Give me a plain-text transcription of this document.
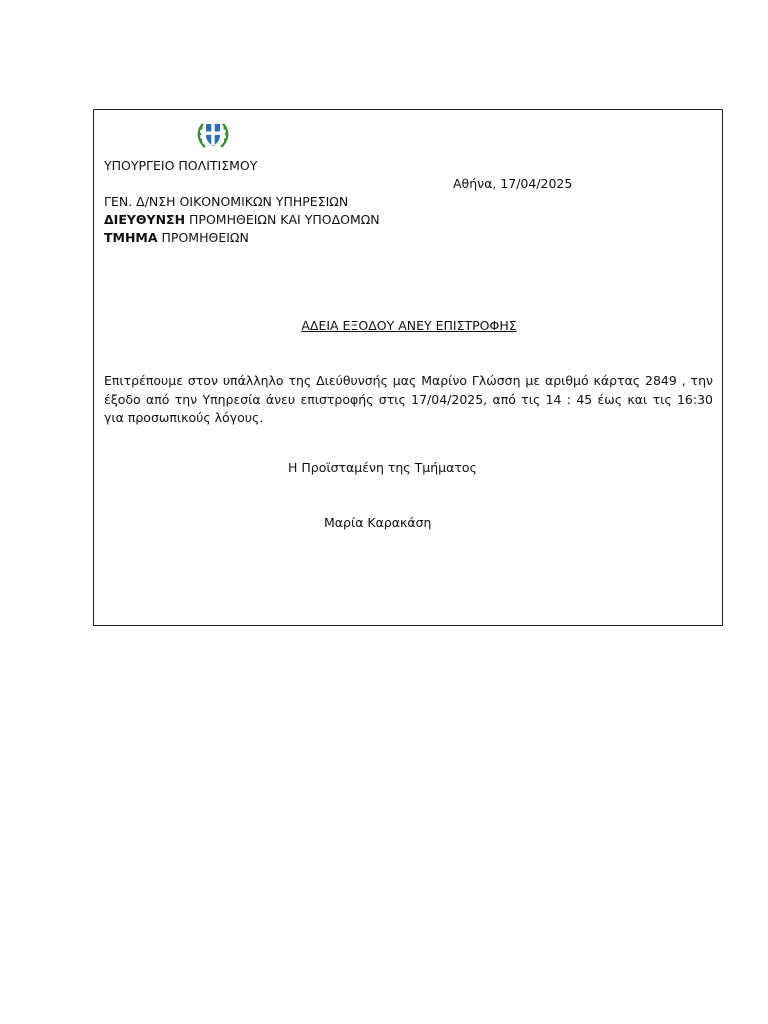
ΥΠΟΥΡΓΕΙΟ ΠΟΛΙΤΙΣΜΟΥ
Αθήνα, 17/04/2025
ΓΕΝ. Δ/ΝΣΗ ΟΙΚΟΝΟΜΙΚΩΝ ΥΠΗΡΕΣΙΩΝ
ΔΙΕΥΘΥΝΣΗ ΠΡΟΜΗΘΕΙΩΝ ΚΑΙ ΥΠΟΔΟΜΩΝ
ΤΜΗΜΑ ΠΡΟΜΗΘΕΙΩΝ
ΑΔΕΙΑ ΕΞΟΔΟΥ ΑΝΕΥ ΕΠΙΣΤΡΟΦΗΣ
Επιτρέπουμε στον υπάλληλο της Διεύθυνσής μας Μαρίνο Γλώσση με αριθμό κάρτας 2849 , την έξοδο από την Υπηρεσία άνευ επιστροφής στις 17/04/2025, από τις 14 : 45 έως και τις 16:30 για προσωπικούς λόγους.
Η Προϊσταμένη της Τμήματος
Μαρία Καρακάση
